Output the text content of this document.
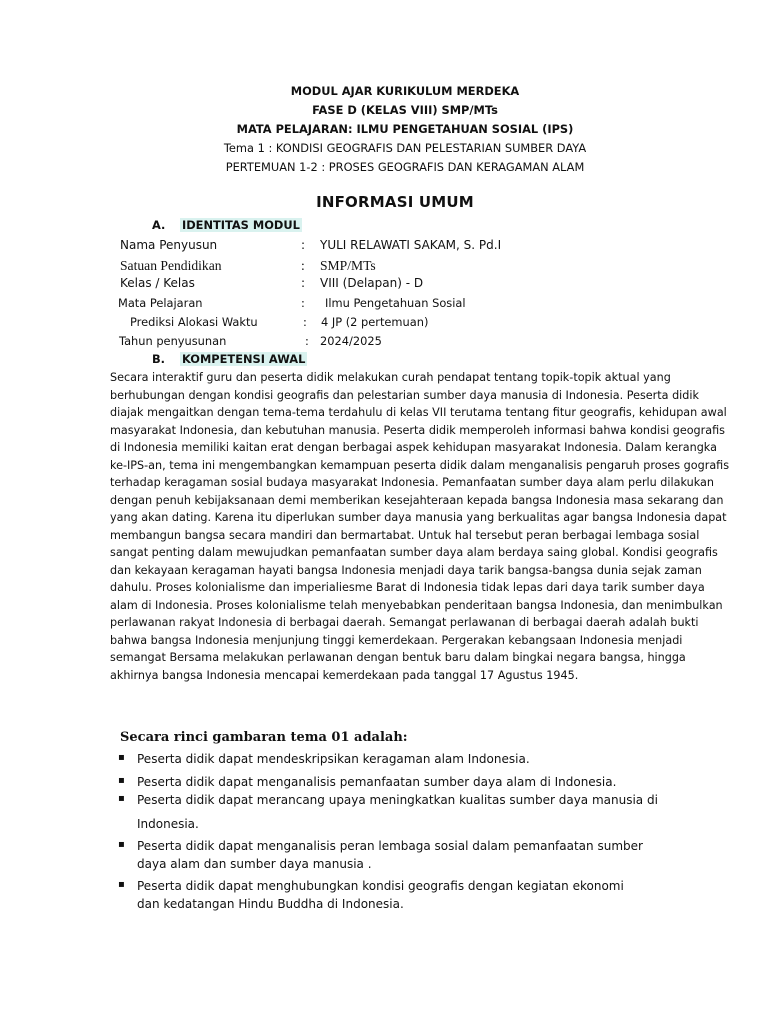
MODUL AJAR KURIKULUM MERDEKA
FASE D (KELAS VIII) SMP/MTs
MATA PELAJARAN: ILMU PENGETAHUAN SOSIAL (IPS)
Tema 1 : KONDISI GEOGRAFIS DAN PELESTARIAN SUMBER DAYA
PERTEMUAN 1-2 : PROSES GEOGRAFIS DAN KERAGAMAN ALAM
INFORMASI UMUM
A. IDENTITAS MODUL
Nama Penyusun	: YULI RELAWATI SAKAM, S. Pd.I
Satuan Pendidikan	: SMP/MTs
Kelas / Kelas	: VIII (Delapan) - D
Mata Pelajaran	: Ilmu Pengetahuan Sosial
Prediksi Alokasi Waktu	: 4 JP (2 pertemuan)
Tahun penyusunan	: 2024/2025
B. KOMPETENSI AWAL

Secara interaktif guru dan peserta didik melakukan curah pendapat tentang topik-topik aktual yang berhubungan dengan kondisi geografis dan pelestarian sumber daya manusia di Indonesia. Peserta didik diajak mengaitkan dengan tema-tema terdahulu di kelas VII terutama tentang fitur geografis, kehidupan awal masyarakat Indonesia, dan kebutuhan manusia. Peserta didik memperoleh informasi bahwa kondisi geografis di Indonesia memiliki kaitan erat dengan berbagai aspek kehidupan masyarakat Indonesia. Dalam kerangka ke-IPS-an, tema ini mengembangkan kemampuan peserta didik dalam menganalisis pengaruh proses gografis terhadap keragaman sosial budaya masyarakat Indonesia. Pemanfaatan sumber daya alam perlu dilakukan dengan penuh kebijaksanaan demi memberikan kesejahteraan kepada bangsa Indonesia masa sekarang dan yang akan dating. Karena itu diperlukan sumber daya manusia yang berkualitas agar bangsa Indonesia dapat membangun bangsa secara mandiri dan bermartabat. Untuk hal tersebut peran berbagai lembaga sosial sangat penting dalam mewujudkan pemanfaatan sumber daya alam berdaya saing global. Kondisi geografis dan kekayaan keragaman hayati bangsa Indonesia menjadi daya tarik bangsa-bangsa dunia sejak zaman dahulu. Proses kolonialisme dan imperialiesme Barat di Indonesia tidak lepas dari daya tarik sumber daya alam di Indonesia. Proses kolonialisme telah menyebabkan penderitaan bangsa Indonesia, dan menimbulkan perlawanan rakyat Indonesia di berbagai daerah. Semangat perlawanan di berbagai daerah adalah bukti bahwa bangsa Indonesia menjunjung tinggi kemerdekaan. Pergerakan kebangsaan Indonesia menjadi semangat Bersama melakukan perlawanan dengan bentuk baru dalam bingkai negara bangsa, hingga akhirnya bangsa Indonesia mencapai kemerdekaan pada tanggal 17 Agustus 1945.

Secara rinci gambaran tema 01 adalah:
▪ Peserta didik dapat mendeskripsikan keragaman alam Indonesia.
▪ Peserta didik dapat menganalisis pemanfaatan sumber daya alam di Indonesia.
▪ Peserta didik dapat merancang upaya meningkatkan kualitas sumber daya manusia di
Indonesia.
▪ Peserta didik dapat menganalisis peran lembaga sosial dalam pemanfaatan sumber
daya alam dan sumber daya manusia .
▪ Peserta didik dapat menghubungkan kondisi geografis dengan kegiatan ekonomi
dan kedatangan Hindu Buddha di Indonesia.
